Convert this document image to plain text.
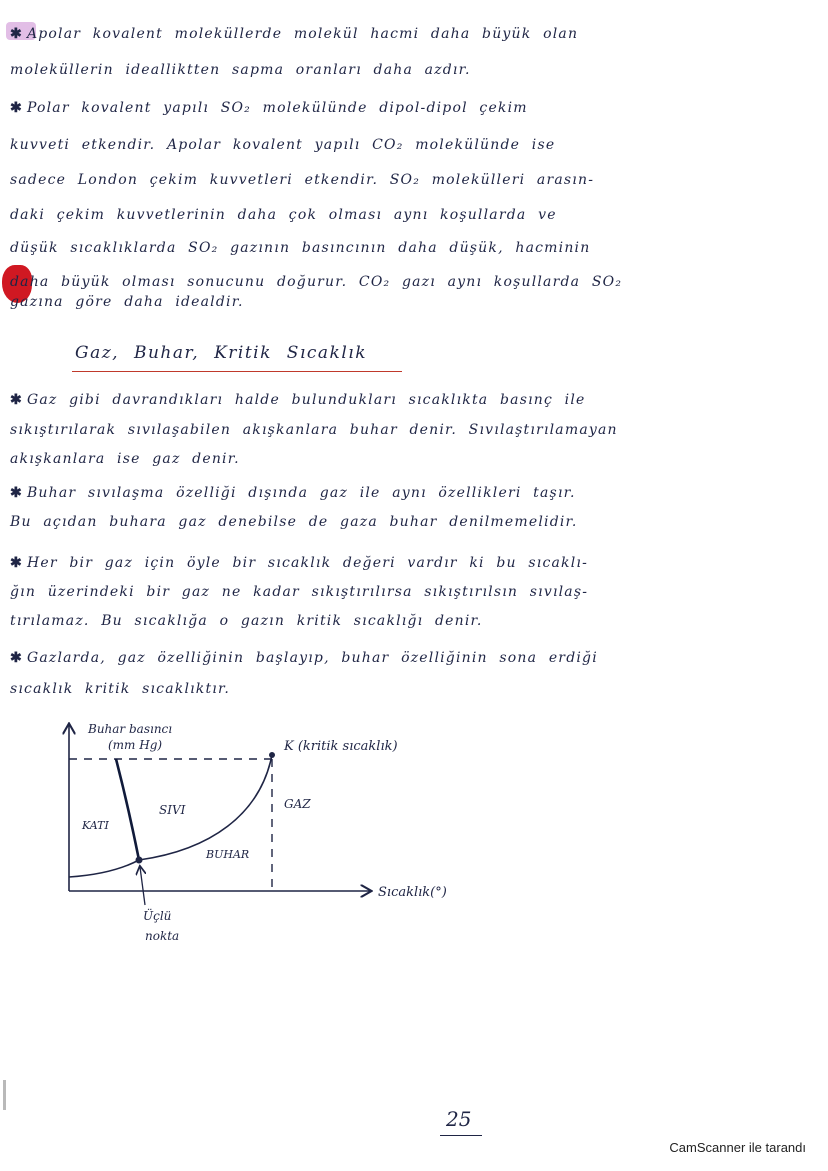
✱ Apolar kovalent moleküllerde molekül hacmi daha büyük olan
moleküllerin idealliktten sapma oranları daha azdır.
✱ Polar kovalent yapılı SO₂ molekülünde dipol-dipol çekim
kuvveti etkendir. Apolar kovalent yapılı CO₂ molekülünde ise
sadece London çekim kuvvetleri etkendir. SO₂ molekülleri arasın-
daki çekim kuvvetlerinin daha çok olması aynı koşullarda ve
düşük sıcaklıklarda SO₂ gazının basıncının daha düşük, hacminin
daha büyük olması sonucunu doğurur. CO₂ gazı aynı koşullarda SO₂
gazına göre daha idealdir.
Gaz, Buhar, Kritik Sıcaklık
✱ Gaz gibi davrandıkları halde bulundukları sıcaklıkta basınç ile
sıkıştırılarak sıvılaşabilen akışkanlara buhar denir. Sıvılaştırılamayan
akışkanlara ise gaz denir.
✱ Buhar sıvılaşma özelliği dışında gaz ile aynı özellikleri taşır.
Bu açıdan buhara gaz denebilse de gaza buhar denilmemelidir.
✱ Her bir gaz için öyle bir sıcaklık değeri vardır ki bu sıcaklı-
ğın üzerindeki bir gaz ne kadar sıkıştırılırsa sıkıştırılsın sıvılaş-
tırılamaz. Bu sıcaklığa o gazın kritik sıcaklığı denir.
✱ Gazlarda, gaz özelliğinin başlayıp, buhar özelliğinin sona erdiği
sıcaklık kritik sıcaklıktır.
Buhar basıncı
(mm Hg)	K (kritik sıcaklık)
KATI
SIVI	GAZ
BUHAR
Sıcaklık(°)
Üçlü
nokta
25
CamScanner ile tarandı
